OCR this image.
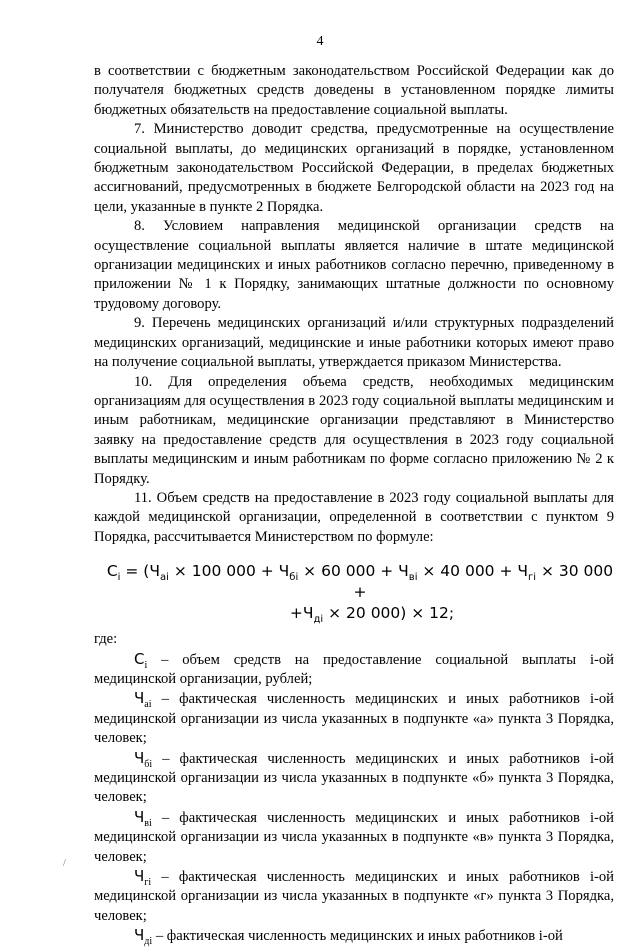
4

в соответствии с бюджетным законодательством Российской Федерации как до получателя бюджетных средств доведены в установленном порядке лимиты бюджетных обязательств на предоставление социальной выплаты.

7. Министерство доводит средства, предусмотренные на осуществление социальной выплаты, до медицинских организаций в порядке, установленном бюджетным законодательством Российской Федерации, в пределах бюджетных ассигнований, предусмотренных в бюджете Белгородской области на 2023 год на цели, указанные в пункте 2 Порядка.

8. Условием направления медицинской организации средств на осуществление социальной выплаты является наличие в штате медицинской организации медицинских и иных работников согласно перечню, приведенному в приложении № 1 к Порядку, занимающих штатные должности по основному трудовому договору.

9. Перечень медицинских организаций и/или структурных подразделений медицинских организаций, медицинские и иные работники которых имеют право на получение социальной выплаты, утверждается приказом Министерства.

10. Для определения объема средств, необходимых медицинским организациям для осуществления в 2023 году социальной выплаты медицинским и иным работникам, медицинские организации представляют в Министерство заявку на предоставление средств для осуществления в 2023 году социальной выплаты медицинским и иным работникам по форме согласно приложению № 2 к Порядку.

11. Объем средств на предоставление в 2023 году социальной выплаты для каждой медицинской организации, определенной в соответствии с пунктом 9 Порядка, рассчитывается Министерством по формуле:

$С_i = (Ч_{аi} \times 100$ $000 + Ч_{бi} \times 60$ $000 + Ч_{вi} \times 40$ $000 + Ч_{гi} \times 30$ 000 +
$+Ч_{дi} \times 20$ 000) × 12;

где:

$С_i$ – объем средств на предоставление социальной выплаты i-ой медицинской организации, рублей;

$Ч_{аi}$ – фактическая численность медицинских и иных работников i-ой медицинской организации из числа указанных в подпункте «а» пункта 3 Порядка, человек;

$Ч_{бi}$ – фактическая численность медицинских и иных работников i-ой медицинской организации из числа указанных в подпункте «б» пункта 3 Порядка, человек;

$Ч_{вi}$ – фактическая численность медицинских и иных работников i-ой медицинской организации из числа указанных в подпункте «в» пункта 3 Порядка, человек;

$Ч_{гi}$ – фактическая численность медицинских и иных работников i-ой медицинской организации из числа указанных в подпункте «г» пункта 3 Порядка, человек;

$Ч_{дi}$ – фактическая численность медицинских и иных работников i-ой

/
